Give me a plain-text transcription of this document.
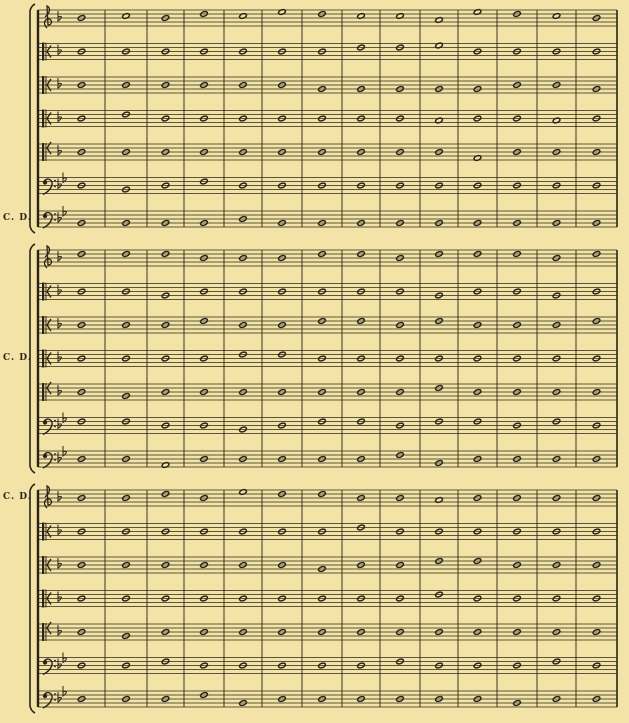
C. D.
C. D.
C. D.
